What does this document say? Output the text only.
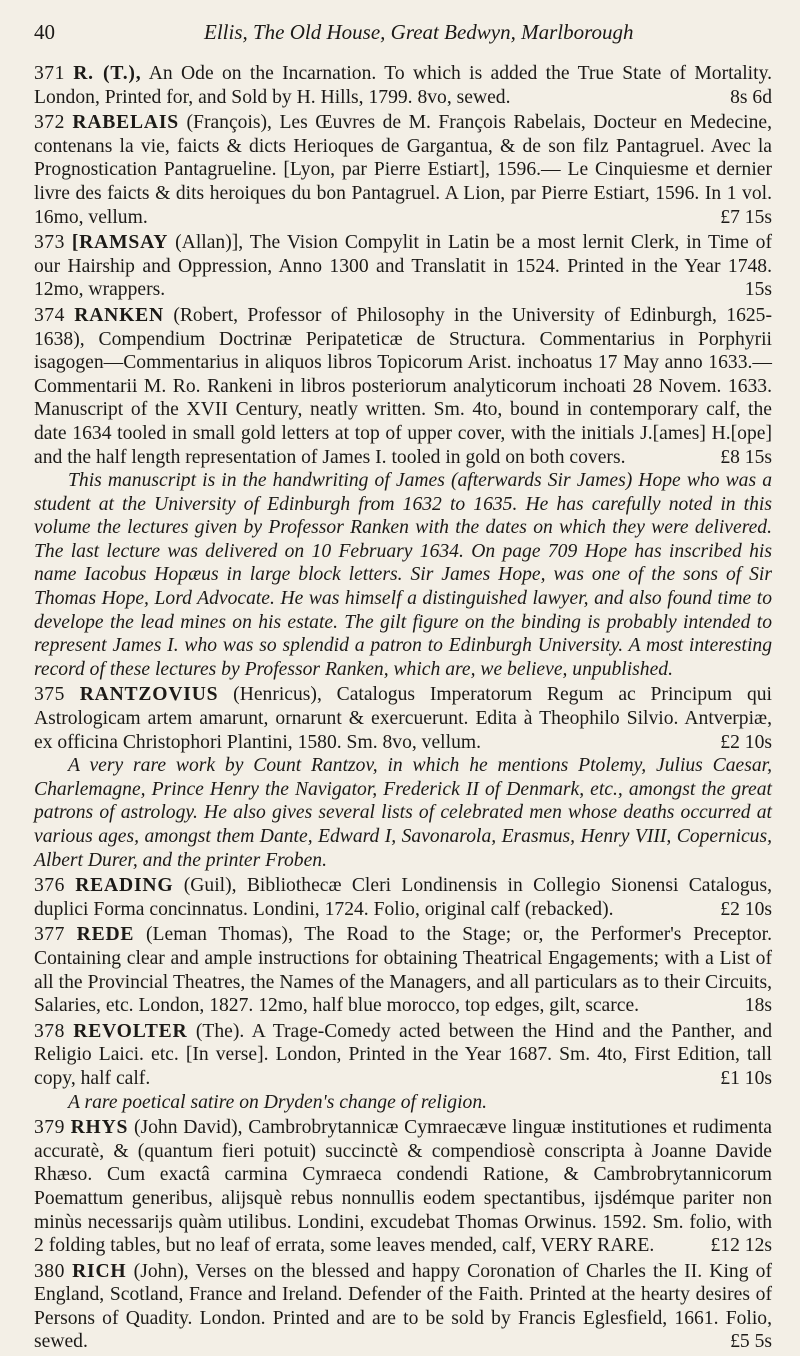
40	Ellis, The Old House, Great Bedwyn, Marlborough

371 R. (T.), An Ode on the Incarnation. To which is added the True State of Mortality. London, Printed for, and Sold by H. Hills, 1799. 8vo, sewed.	8s 6d

372 RABELAIS (François), Les Œuvres de M. François Rabelais, Docteur en Medecine, contenans la vie, faicts & dicts Herioques de Gargantua, & de son filz Pantagruel. Avec la Prognostication Pantagrueline. [Lyon, par Pierre Estiart], 1596.— Le Cinquiesme et dernier livre des faicts & dits heroiques du bon Pantagruel. A Lion, par Pierre Estiart, 1596. In 1 vol. 16mo, vellum.	£7 15s

373 [RAMSAY (Allan)], The Vision Compylit in Latin be a most lernit Clerk, in Time of our Hairship and Oppression, Anno 1300 and Translatit in 1524. Printed in the Year 1748. 12mo, wrappers.	15s

374 RANKEN (Robert, Professor of Philosophy in the University of Edinburgh, 1625-1638), Compendium Doctrinæ Peripateticæ de Structura. Commentarius in Porphyrii isagogen—Commentarius in aliquos libros Topicorum Arist. inchoatus 17 May anno 1633.—Commentarii M. Ro. Rankeni in libros posteriorum analyticorum inchoati 28 Novem. 1633. Manuscript of the XVII Century, neatly written. Sm. 4to, bound in contemporary calf, the date 1634 tooled in small gold letters at top of upper cover, with the initials J.[ames] H.[ope] and the half length representation of James I. tooled in gold on both covers.	£8 15s

This manuscript is in the handwriting of James (afterwards Sir James) Hope who was a student at the University of Edinburgh from 1632 to 1635. He has carefully noted in this volume the lectures given by Professor Ranken with the dates on which they were delivered. The last lecture was delivered on 10 February 1634. On page 709 Hope has inscribed his name Iacobus Hopæus in large block letters. Sir James Hope, was one of the sons of Sir Thomas Hope, Lord Advocate. He was himself a distinguished lawyer, and also found time to develope the lead mines on his estate. The gilt figure on the binding is probably intended to represent James I. who was so splendid a patron to Edinburgh University. A most interesting record of these lectures by Professor Ranken, which are, we believe, unpublished.

375 RANTZOVIUS (Henricus), Catalogus Imperatorum Regum ac Principum qui Astrologicam artem amarunt, ornarunt & exercuerunt. Edita à Theophilo Silvio. Antverpiæ, ex officina Christophori Plantini, 1580. Sm. 8vo, vellum.	£2 10s

A very rare work by Count Rantzov, in which he mentions Ptolemy, Julius Caesar, Charlemagne, Prince Henry the Navigator, Frederick II of Denmark, etc., amongst the great patrons of astrology. He also gives several lists of celebrated men whose deaths occurred at various ages, amongst them Dante, Edward I, Savonarola, Erasmus, Henry VIII, Copernicus, Albert Durer, and the printer Froben.

376 READING (Guil), Bibliothecæ Cleri Londinensis in Collegio Sionensi Catalogus, duplici Forma concinnatus. Londini, 1724. Folio, original calf (rebacked).	£2 10s

377 REDE (Leman Thomas), The Road to the Stage; or, the Performer's Preceptor. Containing clear and ample instructions for obtaining Theatrical Engagements; with a List of all the Provincial Theatres, the Names of the Managers, and all particulars as to their Circuits, Salaries, etc. London, 1827. 12mo, half blue morocco, top edges, gilt, scarce.	18s

378 REVOLTER (The). A Trage-Comedy acted between the Hind and the Panther, and Religio Laici. etc. [In verse]. London, Printed in the Year 1687. Sm. 4to, First Edition, tall copy, half calf.	£1 10s

A rare poetical satire on Dryden's change of religion.

379 RHYS (John David), Cambrobrytannicæ Cymraecæve linguæ institutiones et rudimenta accuratè, & (quantum fieri potuit) succinctè & compendiosè conscripta à Joanne Davide Rhæso. Cum exactâ carmina Cymraeca condendi Ratione, & Cambrobrytannicorum Poemattum generibus, alijsquè rebus nonnullis eodem spectantibus, ijsdémque pariter non minùs necessarijs quàm utilibus. Londini, excudebat Thomas Orwinus. 1592. Sm. folio, with 2 folding tables, but no leaf of errata, some leaves mended, calf, VERY RARE.	£12 12s

380 RICH (John), Verses on the blessed and happy Coronation of Charles the II. King of England, Scotland, France and Ireland. Defender of the Faith. Printed at the hearty desires of Persons of Quadity. London. Printed and are to be sold by Francis Eglesfield, 1661. Folio, sewed.	£5 5s
